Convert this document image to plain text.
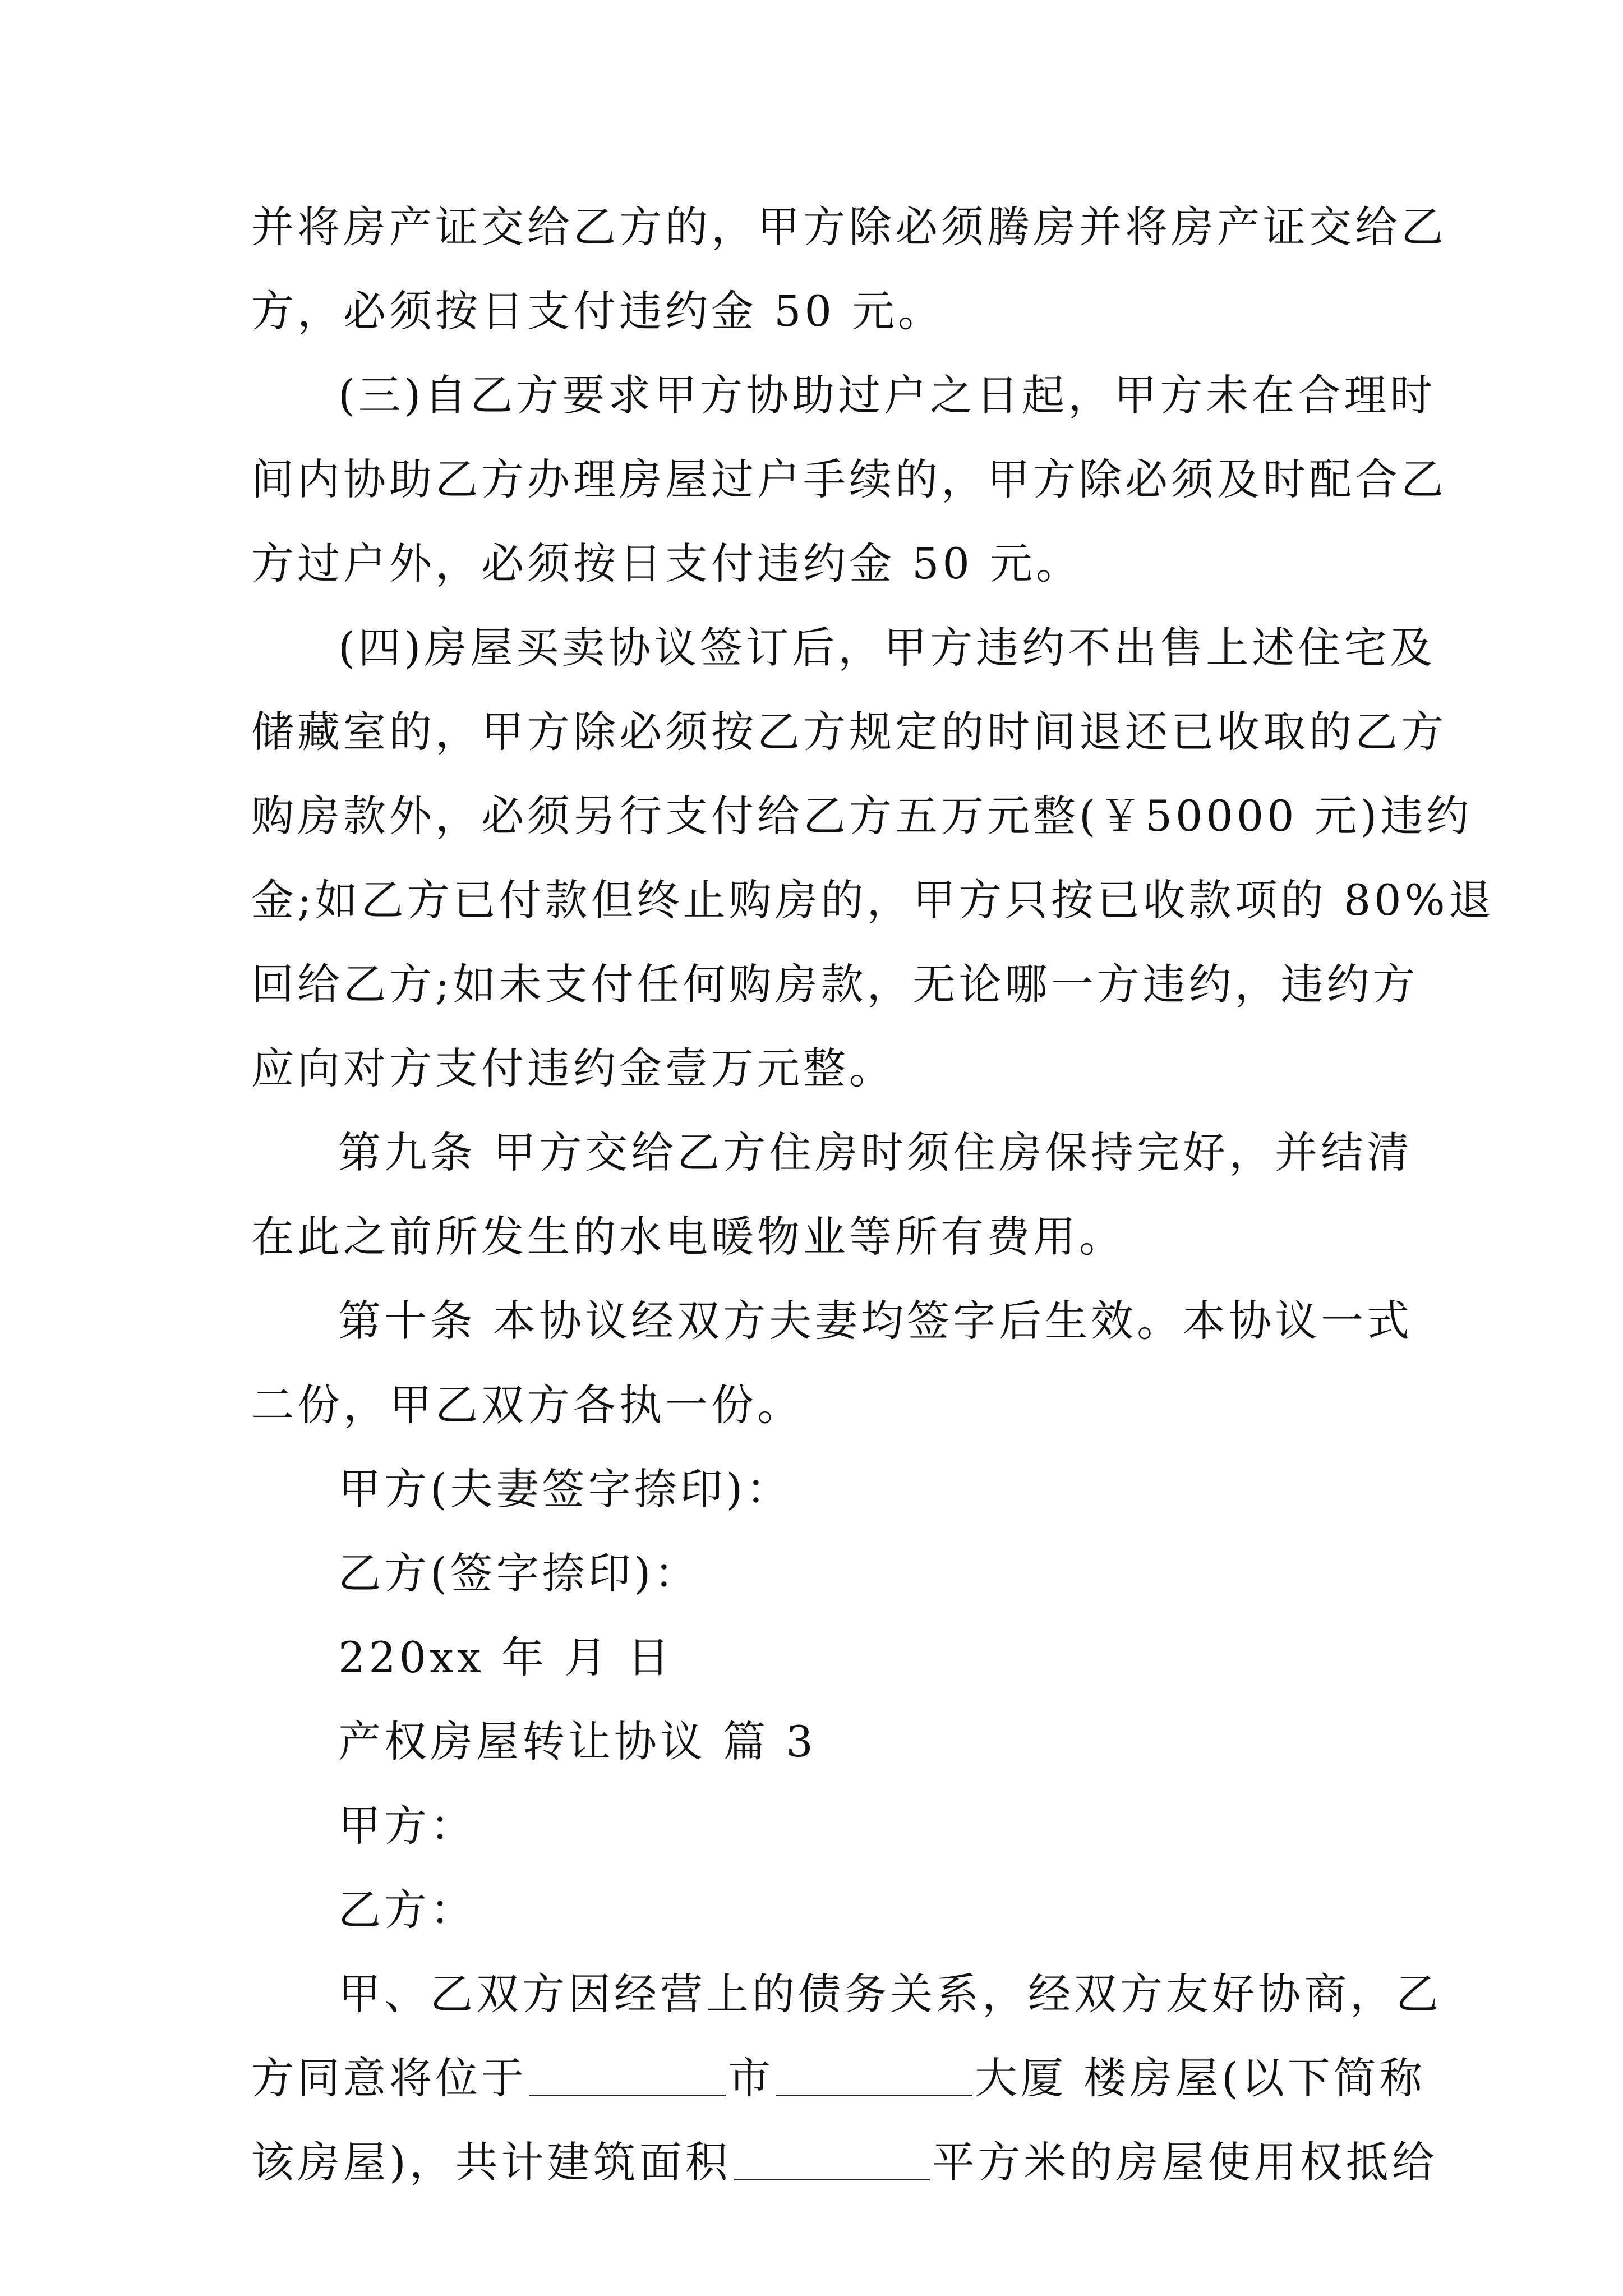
并将房产证交给乙方的，甲方除必须腾房并将房产证交给乙
方，必须按日支付违约金 50 元。
(三)自乙方要求甲方协助过户之日起，甲方未在合理时
间内协助乙方办理房屋过户手续的，甲方除必须及时配合乙
方过户外，必须按日支付违约金 50 元。
(四)房屋买卖协议签订后，甲方违约不出售上述住宅及
储藏室的，甲方除必须按乙方规定的时间退还已收取的乙方
购房款外，必须另行支付给乙方五万元整(￥50000 元)违约
金;如乙方已付款但终止购房的，甲方只按已收款项的 80%退
回给乙方;如未支付任何购房款，无论哪一方违约，违约方
应向对方支付违约金壹万元整。
第九条 甲方交给乙方住房时须住房保持完好，并结清
在此之前所发生的水电暖物业等所有费用。
第十条 本协议经双方夫妻均签字后生效。本协议一式
二份，甲乙双方各执一份。
甲方(夫妻签字捺印)：
乙方(签字捺印)：
220xx 年 月 日
产权房屋转让协议 篇 3
甲方：
乙方：
甲、乙双方因经营上的债务关系，经双方友好协商，乙
方同意将位于	市	大厦 楼房屋(以下简称
该房屋)，共计建筑面积	平方米的房屋使用权抵给
